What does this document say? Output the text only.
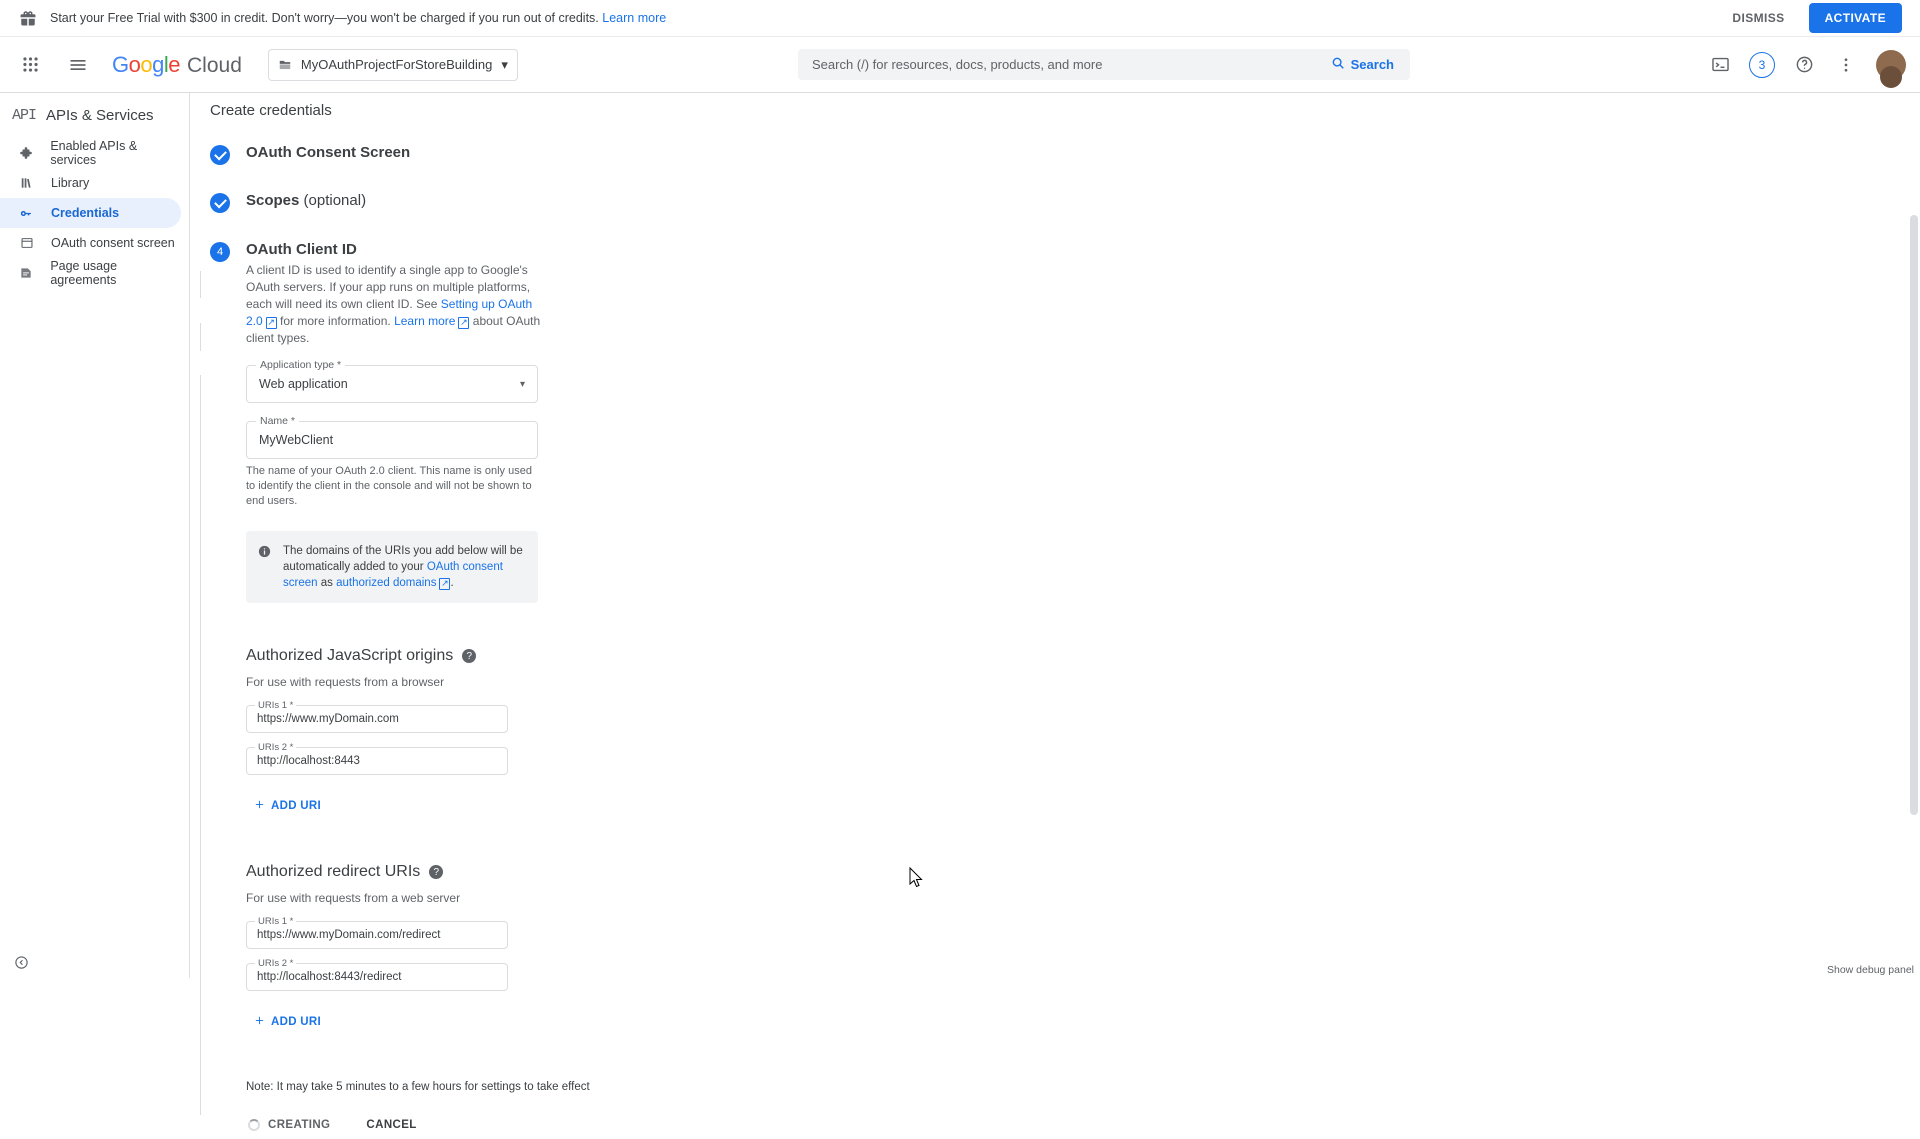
Start your Free Trial with $300 in credit. Don't worry—you won't be charged if you run out of credits. Learn more	DISMISS	ACTIVATE
Google Cloud	MyOAuthProjectForStoreBuilding ▾
Search (/) for resources, docs, products, and more	Search	3
API APIs & Services
Enabled APIs & services
Library
Credentials
OAuth consent screen
Page usage agreements
Create credentials
OAuth Consent Screen
Scopes (optional)
4	OAuth Client ID
A client ID is used to identify a single app to Google's OAuth servers. If your app runs on multiple platforms, each will need its own client ID. See Setting up OAuth 2.0 ↗ for more information. Learn more ↗ about OAuth client types.
Application type *
Web application	▾
Name *
MyWebClient
The name of your OAuth 2.0 client. This name is only used to identify the client in the console and will not be shown to end users.
The domains of the URIs you add below will be automatically added to your OAuth consent screen as authorized domains ↗ .
Authorized JavaScript origins	?
For use with requests from a browser
URIs 1 *
https://www.myDomain.com
URIs 2 *
http://localhost:8443
ADD URI
Authorized redirect URIs	?
For use with requests from a web server
URIs 1 *
https://www.myDomain.com/redirect
URIs 2 *
http://localhost:8443/redirect
ADD URI
Note: It may take 5 minutes to a few hours for settings to take effect
CREATING	CANCEL
Show debug panel
